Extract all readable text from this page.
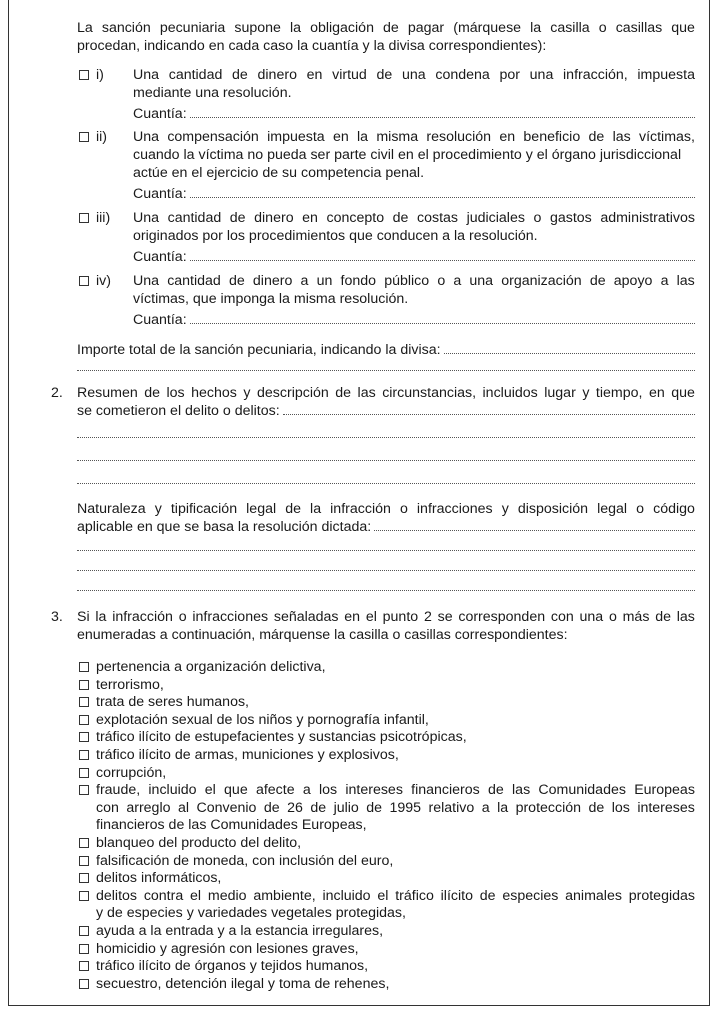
La sanción pecuniaria supone la obligación de pagar (márquese la casilla o casillas que
procedan, indicando en cada caso la cuantía y la divisa correspondientes):
i) Una cantidad de dinero en virtud de una condena por una infracción, impuesta
mediante una resolución.
Cuantía:
ii) Una compensación impuesta en la misma resolución en beneficio de las víctimas,
cuando la víctima no pueda ser parte civil en el procedimiento y el órgano jurisdiccional
actúe en el ejercicio de su competencia penal.
Cuantía:
iii) Una cantidad de dinero en concepto de costas judiciales o gastos administrativos
originados por los procedimientos que conducen a la resolución.
Cuantía:
iv) Una cantidad de dinero a un fondo público o a una organización de apoyo a las
víctimas, que imponga la misma resolución.
Cuantía:
Importe total de la sanción pecuniaria, indicando la divisa:
2. Resumen de los hechos y descripción de las circunstancias, incluidos lugar y tiempo, en que
se cometieron el delito o delitos:
Naturaleza y tipificación legal de la infracción o infracciones y disposición legal o código
aplicable en que se basa la resolución dictada:
3. Si la infracción o infracciones señaladas en el punto 2 se corresponden con una o más de las
enumeradas a continuación, márquense la casilla o casillas correspondientes:
pertenencia a organización delictiva,
terrorismo,
trata de seres humanos,
explotación sexual de los niños y pornografía infantil,
tráfico ilícito de estupefacientes y sustancias psicotrópicas,
tráfico ilícito de armas, municiones y explosivos,
corrupción,
fraude, incluido el que afecte a los intereses financieros de las Comunidades Europeas
con arreglo al Convenio de 26 de julio de 1995 relativo a la protección de los intereses
financieros de las Comunidades Europeas,
blanqueo del producto del delito,
falsificación de moneda, con inclusión del euro,
delitos informáticos,
delitos contra el medio ambiente, incluido el tráfico ilícito de especies animales protegidas
y de especies y variedades vegetales protegidas,
ayuda a la entrada y a la estancia irregulares,
homicidio y agresión con lesiones graves,
tráfico ilícito de órganos y tejidos humanos,
secuestro, detención ilegal y toma de rehenes,
